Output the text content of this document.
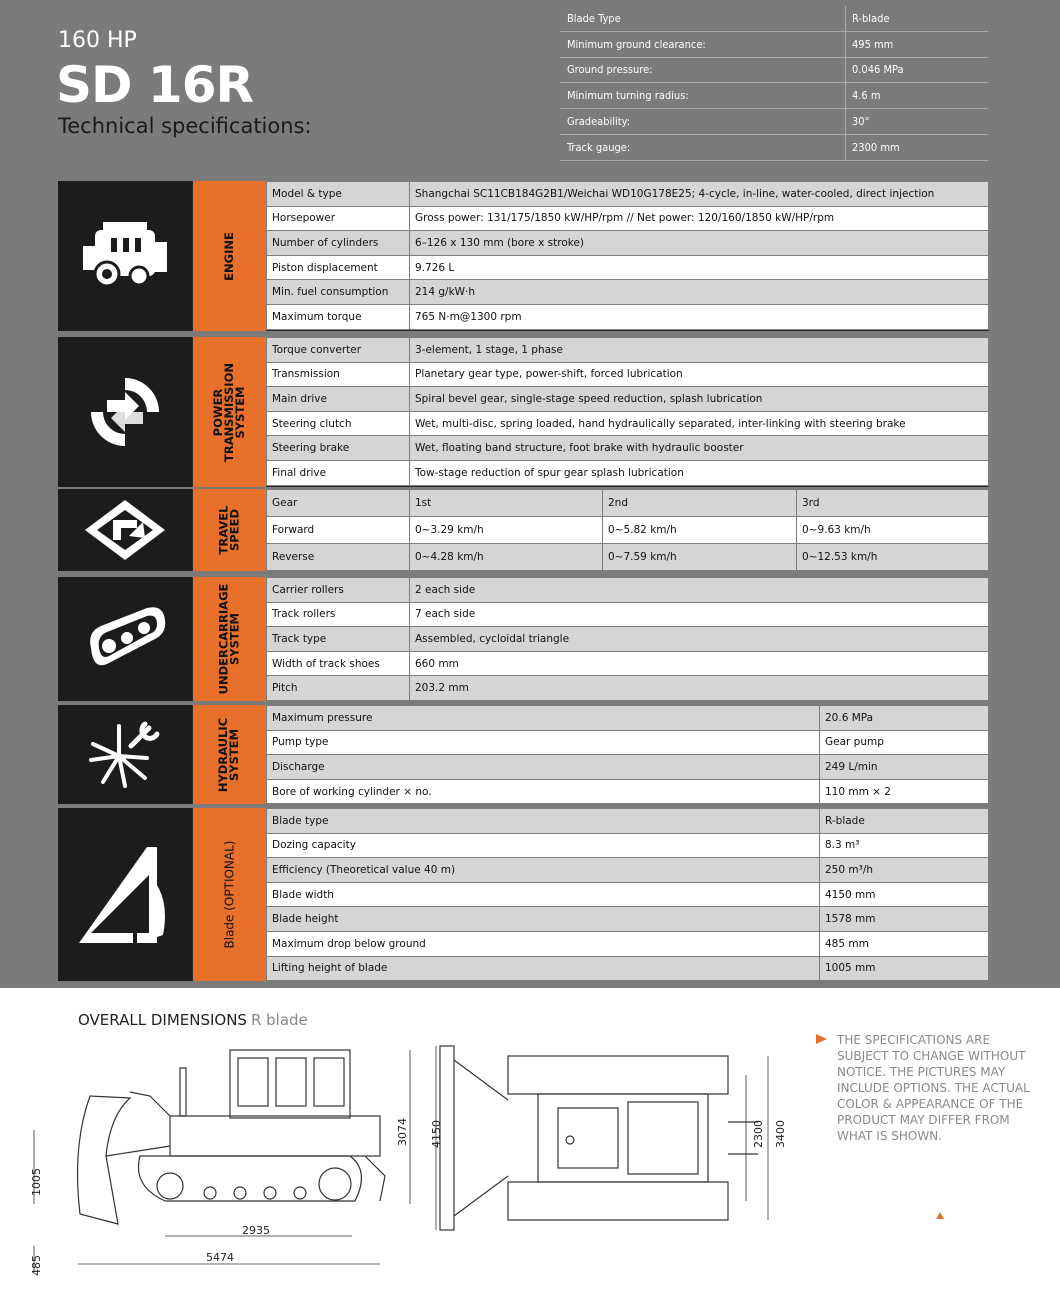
160 HP
SD 16R
Technical specifications:
Blade Type	R-blade
Minimum ground clearance:	495 mm
Ground pressure:	0.046 MPa
Minimum turning radius:	4.6 m
Gradeability:	30°
Track gauge:	2300 mm
ENGINE
Model & type	Shangchai SC11CB184G2B1/Weichai WD10G178E25; 4-cycle, in-line, water-cooled, direct injection
Horsepower	Gross power: 131/175/1850 kW/HP/rpm // Net power: 120/160/1850 kW/HP/rpm
Number of cylinders	6–126 x 130 mm (bore x stroke)
Piston displacement	9.726 L
Min. fuel consumption	214 g/kW·h
Maximum torque	765 N·m@1300 rpm
POWER
TRANSMISSION
SYSTEM
Torque converter	3-element, 1 stage, 1 phase
Transmission	Planetary gear type, power-shift, forced lubrication
Main drive	Spiral bevel gear, single-stage speed reduction, splash lubrication
Steering clutch	Wet, multi-disc, spring loaded, hand hydraulically separated, inter-linking with steering brake
Steering brake	Wet, floating band structure, foot brake with hydraulic booster
Final drive	Tow-stage reduction of spur gear splash lubrication
TRAVEL
SPEED
Gear	1st	2nd	3rd
Forward	0~3.29 km/h	0~5.82 km/h	0~9.63 km/h
Reverse	0~4.28 km/h	0~7.59 km/h	0~12.53 km/h
UNDERCARRIAGE
SYSTEM
Carrier rollers	2 each side
Track rollers	7 each side
Track type	Assembled, cycloidal triangle
Width of track shoes	660 mm
Pitch	203.2 mm
HYDRAULIC
SYSTEM
Maximum pressure	20.6 MPa
Pump type	Gear pump
Discharge	249 L/min
Bore of working cylinder × no.	110 mm × 2
Blade (OPTIONAL)
Blade type	R-blade
Dozing capacity	8.3 m³
Efficiency (Theoretical value 40 m)	250 m³/h
Blade width	4150 mm
Blade height	1578 mm
Maximum drop below ground	485 mm
Lifting height of blade	1005 mm
OVERALL DIMENSIONS R blade
3074
1005
485
2935
5474
4150	2300 3400
THE SPECIFICATIONS ARE SUBJECT TO CHANGE WITHOUT NOTICE. THE PICTURES MAY INCLUDE OPTIONS. THE ACTUAL COLOR & APPEARANCE OF THE PRODUCT MAY DIFFER FROM WHAT IS SHOWN.
